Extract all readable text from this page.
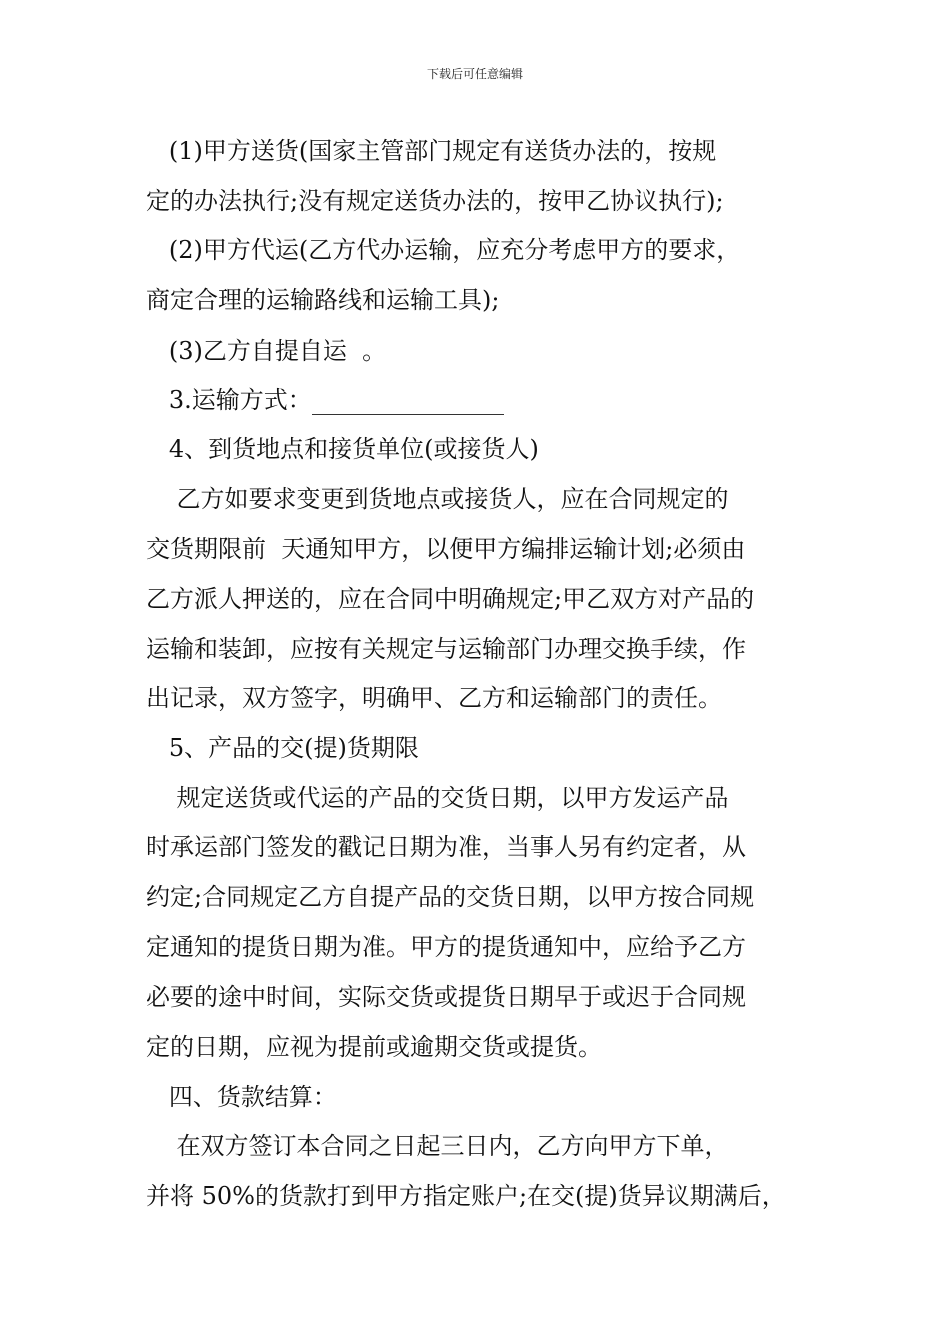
下载后可任意编辑
(1)甲方送货(国家主管部门规定有送货办法的，按规
定的办法执行;没有规定送货办法的，按甲乙协议执行);
(2)甲方代运(乙方代办运输，应充分考虑甲方的要求，
商定合理的运输路线和运输工具);
(3)乙方自提自运  。
3.运输方式：
4、到货地点和接货单位(或接货人)
乙方如要求变更到货地点或接货人，应在合同规定的
交货期限前  天通知甲方，以便甲方编排运输计划;必须由
乙方派人押送的，应在合同中明确规定;甲乙双方对产品的
运输和装卸，应按有关规定与运输部门办理交换手续，作
出记录，双方签字，明确甲、乙方和运输部门的责任。
5、产品的交(提)货期限
规定送货或代运的产品的交货日期，以甲方发运产品
时承运部门签发的戳记日期为准，当事人另有约定者，从
约定;合同规定乙方自提产品的交货日期，以甲方按合同规
定通知的提货日期为准。甲方的提货通知中，应给予乙方
必要的途中时间，实际交货或提货日期早于或迟于合同规
定的日期，应视为提前或逾期交货或提货。
四、货款结算：
在双方签订本合同之日起三日内，乙方向甲方下单，
并将 50%的货款打到甲方指定账户;在交(提)货异议期满后，
